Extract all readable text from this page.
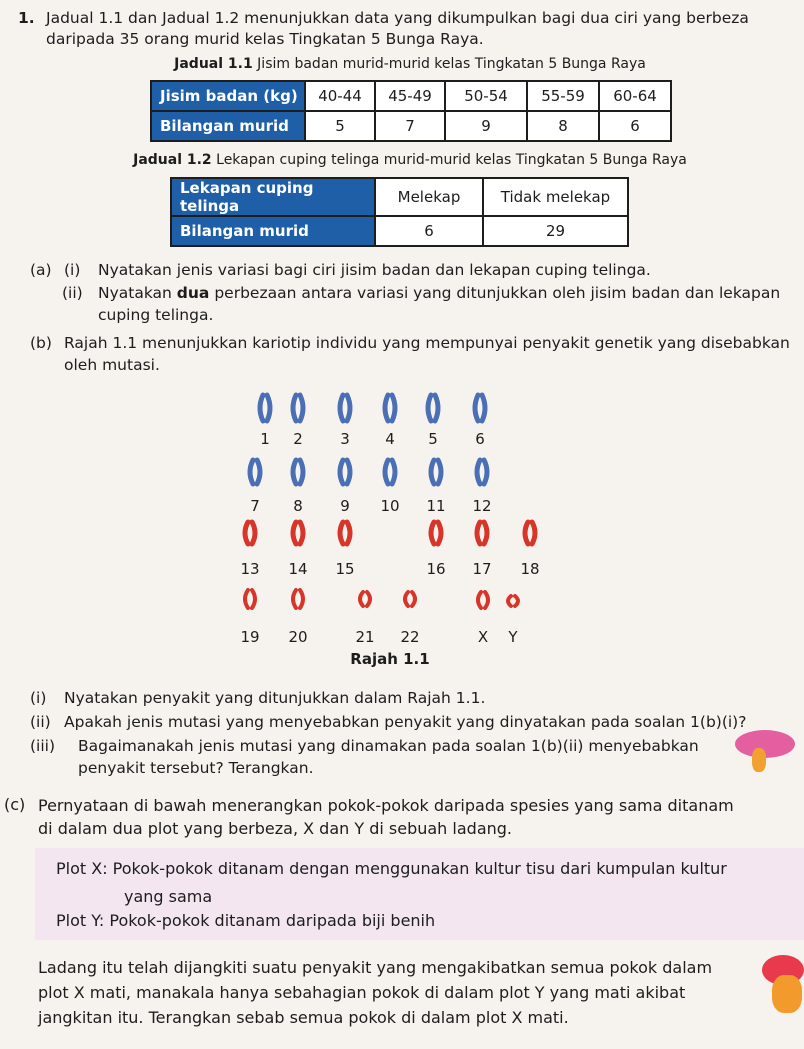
1. Jadual 1.1 dan Jadual 1.2 menunjukkan data yang dikumpulkan bagi dua ciri yang berbeza
daripada 35 orang murid kelas Tingkatan 5 Bunga Raya.
Jadual 1.1 Jisim badan murid-murid kelas Tingkatan 5 Bunga Raya
Jisim badan (kg)	40-44	45-49	50-54	55-59	60-64
Bilangan murid	5	7	9	8	6
Jadual 1.2 Lekapan cuping telinga murid-murid kelas Tingkatan 5 Bunga Raya
Lekapan cuping telinga	Melekap	Tidak melekap
Bilangan murid	6	29
(a) (i) Nyatakan jenis variasi bagi ciri jisim badan dan lekapan cuping telinga.
(ii) Nyatakan dua perbezaan antara variasi yang ditunjukkan oleh jisim badan dan lekapan
cuping telinga.
(b) Rajah 1.1 menunjukkan kariotip individu yang mempunyai penyakit genetik yang disebabkan
oleh mutasi.
1	2	3	4	5	6
7	8	9	10	11	12
13	14	15	16	17	18
19	20	21	22	X	Y
Rajah 1.1
(i) Nyatakan penyakit yang ditunjukkan dalam Rajah 1.1.
(ii) Apakah jenis mutasi yang menyebabkan penyakit yang dinyatakan pada soalan 1(b)(i)?
(iii) Bagaimanakah jenis mutasi yang dinamakan pada soalan 1(b)(ii) menyebabkan
penyakit tersebut? Terangkan.
(c) Pernyataan di bawah menerangkan pokok-pokok daripada spesies yang sama ditanam
di dalam dua plot yang berbeza, X dan Y di sebuah ladang.
Plot X: Pokok-pokok ditanam dengan menggunakan kultur tisu dari kumpulan kultur
yang sama
Plot Y: Pokok-pokok ditanam daripada biji benih
Ladang itu telah dijangkiti suatu penyakit yang mengakibatkan semua pokok dalam
plot X mati, manakala hanya sebahagian pokok di dalam plot Y yang mati akibat
jangkitan itu. Terangkan sebab semua pokok di dalam plot X mati.
